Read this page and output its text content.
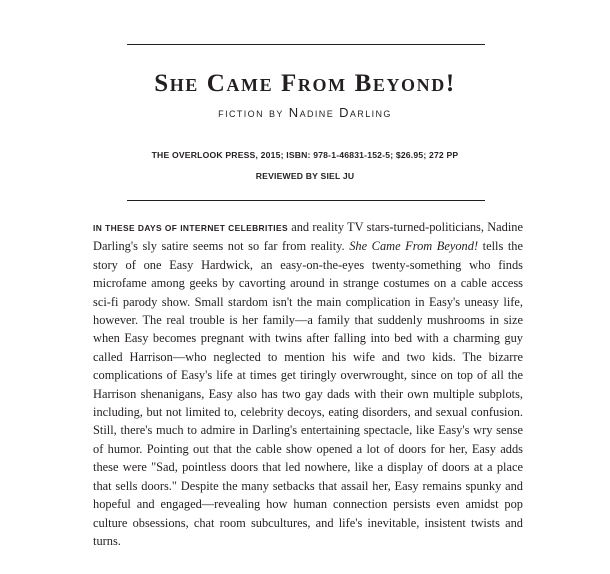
She Came From Beyond!

fiction by Nadine Darling

THE OVERLOOK PRESS, 2015; ISBN: 978-1-46831-152-5; $26.95; 272 PP

REVIEWED BY SIEL JU

IN THESE DAYS OF INTERNET CELEBRITIES and reality TV stars-turned-politicians, Nadine Darling's sly satire seems not so far from reality. She Came From Beyond! tells the story of one Easy Hardwick, an easy-on-the-eyes twenty-something who finds microfame among geeks by cavorting around in strange costumes on a cable access sci-fi parody show. Small stardom isn't the main complication in Easy's uneasy life, however. The real trouble is her family—a family that suddenly mushrooms in size when Easy becomes pregnant with twins after falling into bed with a charming guy called Harrison—who neglected to mention his wife and two kids. The bizarre complications of Easy's life at times get tiringly overwrought, since on top of all the Harrison shenanigans, Easy also has two gay dads with their own multiple subplots, including, but not limited to, celebrity decoys, eating disorders, and sexual confusion. Still, there's much to admire in Darling's entertaining spectacle, like Easy's wry sense of humor. Pointing out that the cable show opened a lot of doors for her, Easy adds these were "Sad, pointless doors that led nowhere, like a display of doors at a place that sells doors." Despite the many setbacks that assail her, Easy remains spunky and hopeful and engaged—revealing how human connection persists even amidst pop culture obsessions, chat room subcultures, and life's inevitable, insistent twists and turns.
